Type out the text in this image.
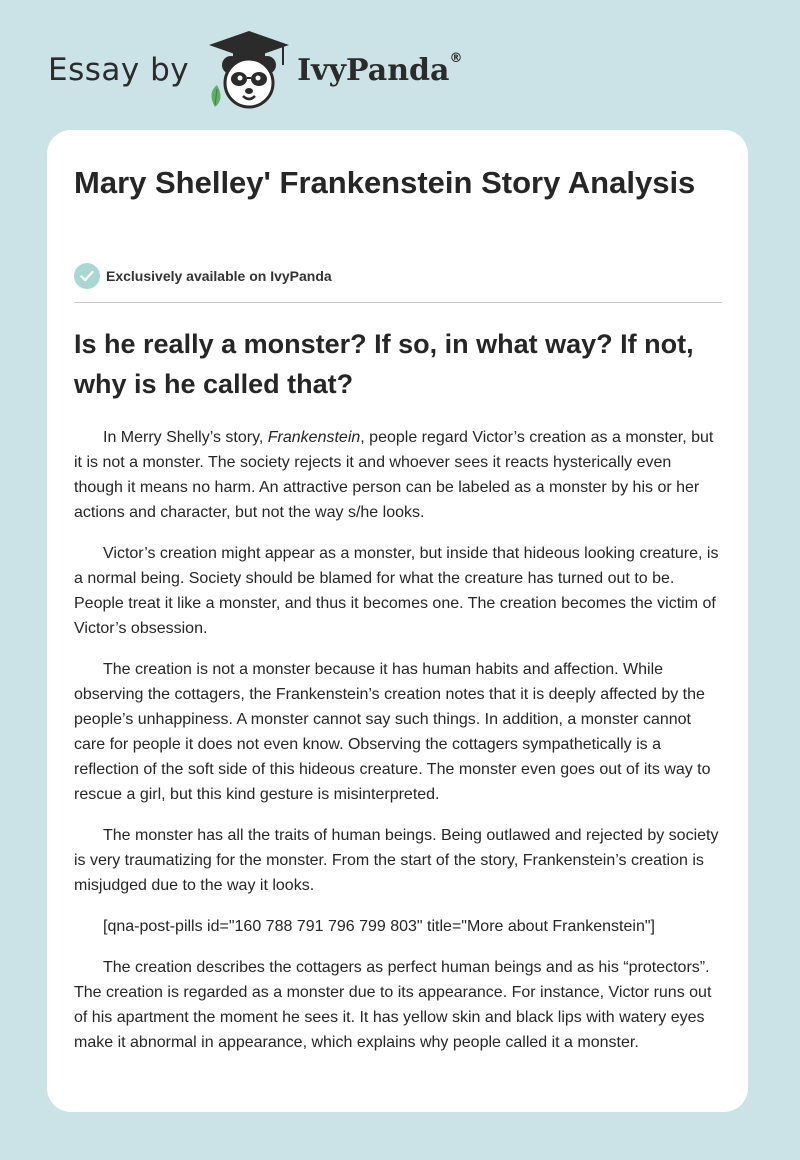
Essay by	IvyPanda®
Mary Shelley' Frankenstein Story Analysis
Exclusively available on IvyPanda
Is he really a monster? If so, in what way? If not, why is he called that?

In Merry Shelly’s story, Frankenstein, people regard Victor’s creation as a monster, but it is not a monster. The society rejects it and whoever sees it reacts hysterically even though it means no harm. An attractive person can be labeled as a monster by his or her actions and character, but not the way s/he looks.

Victor’s creation might appear as a monster, but inside that hideous looking creature, is a normal being. Society should be blamed for what the creature has turned out to be. People treat it like a monster, and thus it becomes one. The creation becomes the victim of Victor’s obsession.

The creation is not a monster because it has human habits and affection. While observing the cottagers, the Frankenstein’s creation notes that it is deeply affected by the people’s unhappiness. A monster cannot say such things. In addition, a monster cannot care for people it does not even know. Observing the cottagers sympathetically is a reflection of the soft side of this hideous creature. The monster even goes out of its way to rescue a girl, but this kind gesture is misinterpreted.

The monster has all the traits of human beings. Being outlawed and rejected by society is very traumatizing for the monster. From the start of the story, Frankenstein’s creation is misjudged due to the way it looks.

[qna-post-pills id="160 788 791 796 799 803" title="More about Frankenstein"]

The creation describes the cottagers as perfect human beings and as his “protectors”. The creation is regarded as a monster due to its appearance. For instance, Victor runs out of his apartment the moment he sees it. It has yellow skin and black lips with watery eyes make it abnormal in appearance, which explains why people called it a monster.
